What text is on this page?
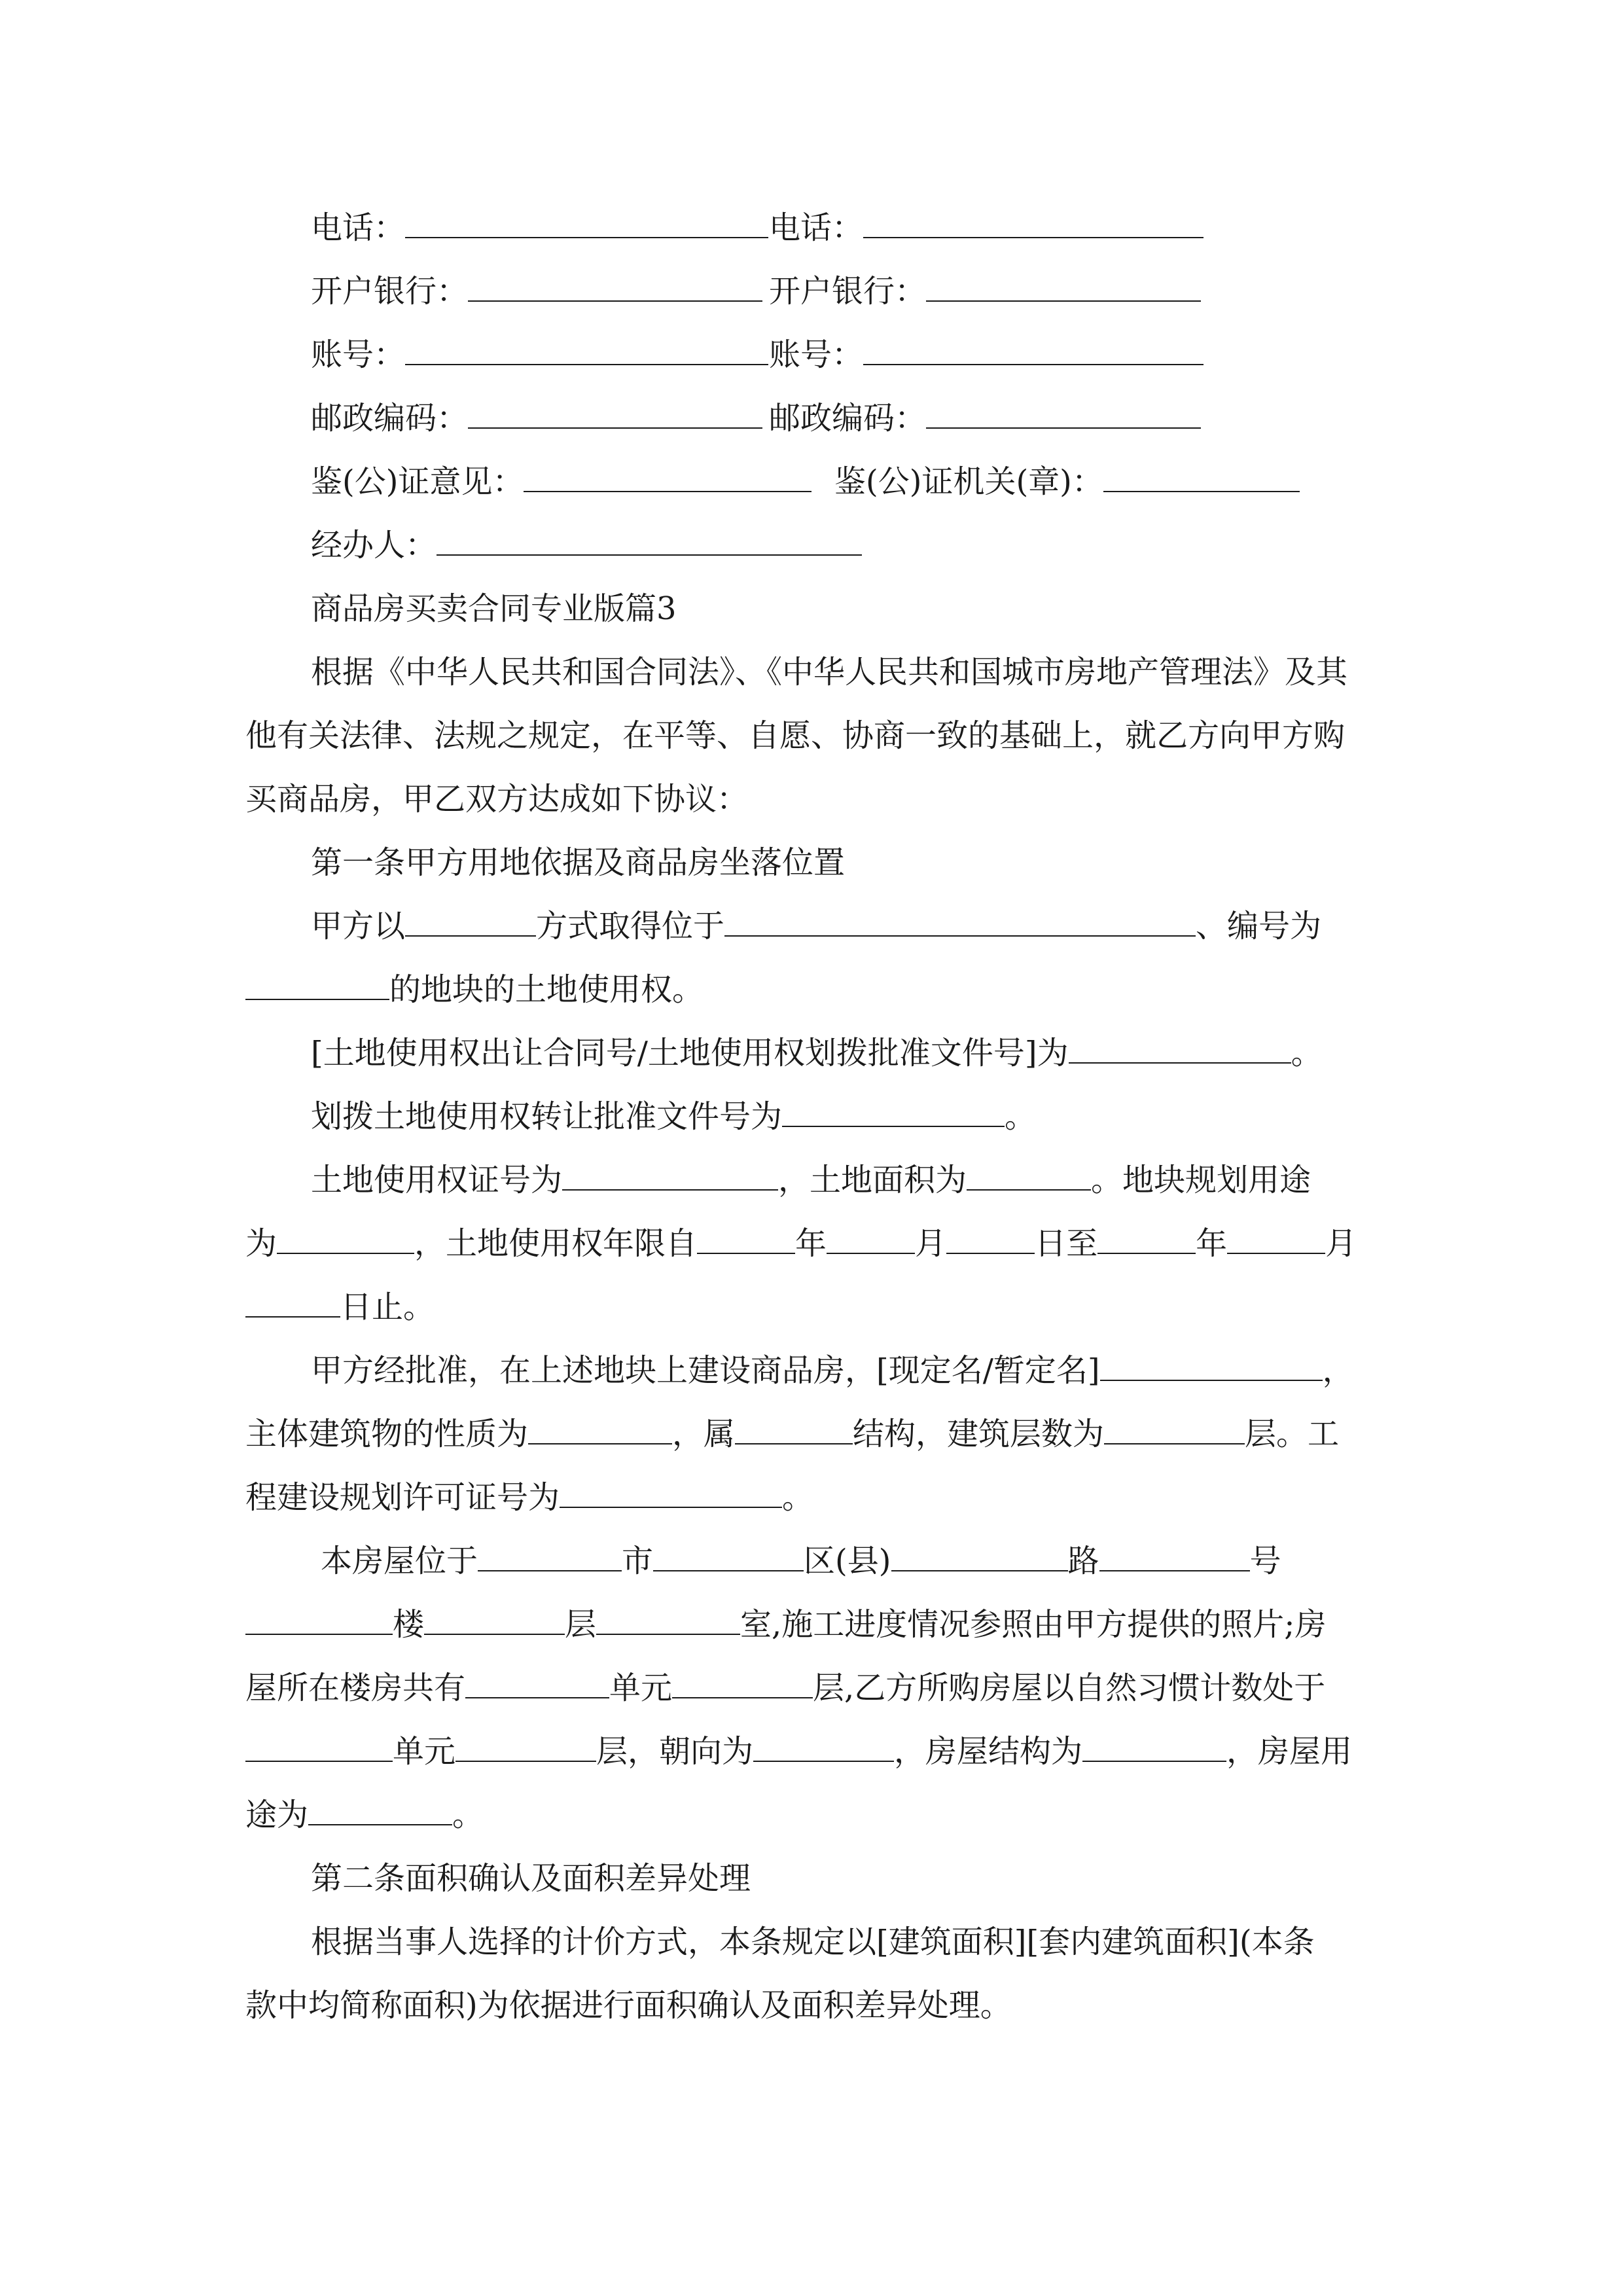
电话：	电话：
开户银行：	开户银行：
账号：	账号：
邮政编码：	邮政编码：
鉴(公)证意见：	鉴(公)证机关(章)：
经办人：
商品房买卖合同专业版篇3
根据《中华人民共和国合同法》、《中华人民共和国城市房地产管理法》及其
他有关法律、法规之规定，在平等、自愿、协商一致的基础上，就乙方向甲方购
买商品房，甲乙双方达成如下协议：
第一条甲方用地依据及商品房坐落位置
甲方以	方式取得位于	、编号为
的地块的土地使用权。
[土地使用权出让合同号/土地使用权划拨批准文件号]为	。
划拨土地使用权转让批准文件号为	。
土地使用权证号为	，土地面积为	。地块规划用途
为	，土地使用权年限自	年	月	日至	年	月
日止。
甲方经批准，在上述地块上建设商品房，[现定名/暂定名]	，
主体建筑物的性质为	，属	结构，建筑层数为	层。工
程建设规划许可证号为	。
本房屋位于	市	区(县)	路	号
楼	层	室,施工进度情况参照由甲方提供的照片;房
屋所在楼房共有	单元	层,乙方所购房屋以自然习惯计数处于
单元	层，朝向为	，房屋结构为	，房屋用
途为	。
第二条面积确认及面积差异处理
根据当事人选择的计价方式，本条规定以[建筑面积][套内建筑面积](本条
款中均简称面积)为依据进行面积确认及面积差异处理。
